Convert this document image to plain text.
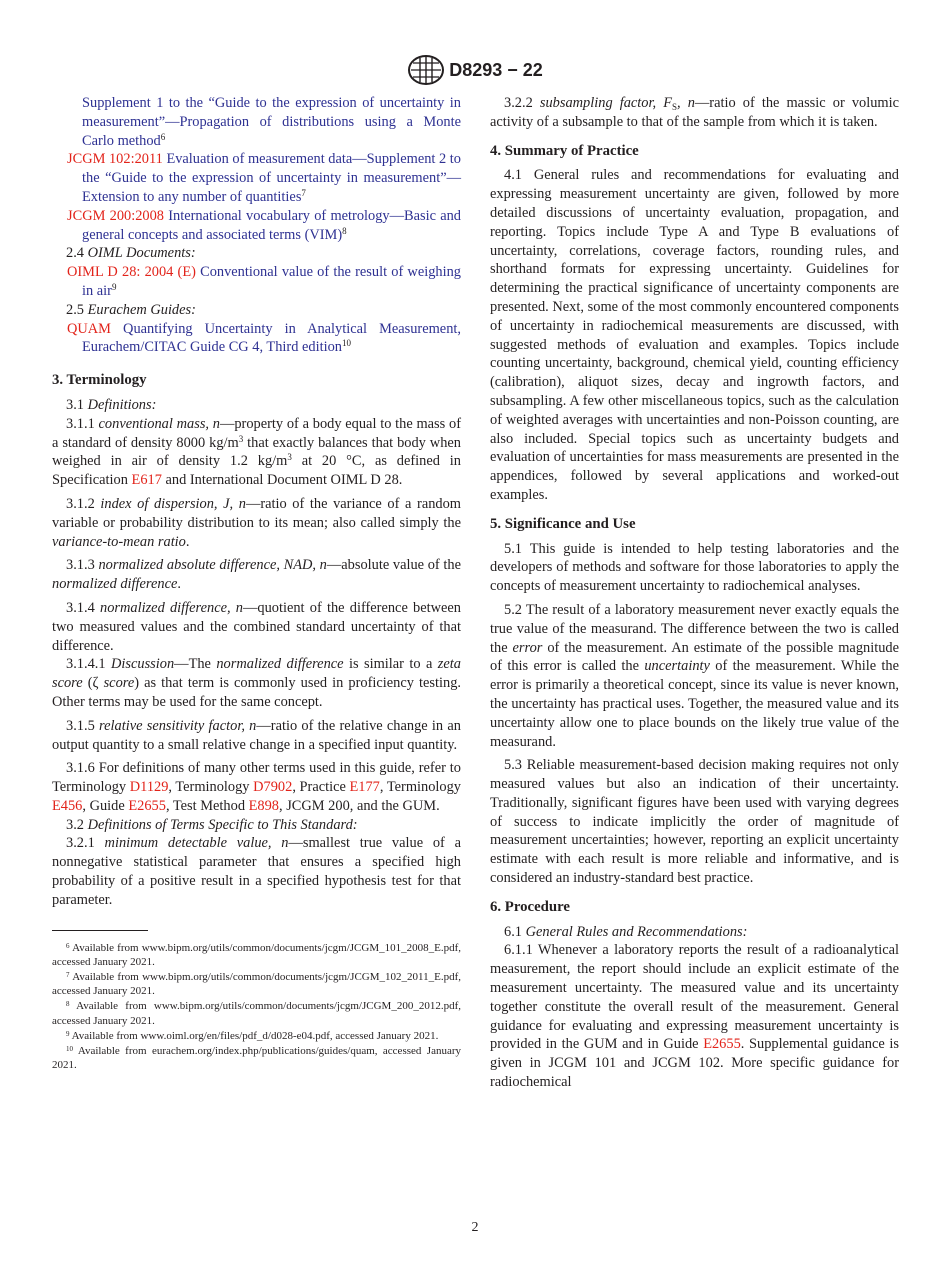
D8293 − 22

Supplement 1 to the “Guide to the expression of uncertainty in measurement”—Propagation of distributions using a Monte Carlo method$^6$

JCGM 102:2011 Evaluation of measurement data—Supplement 2 to the “Guide to the expression of uncertainty in measurement”—Extension to any number of quantities$^7$

JCGM 200:2008 International vocabulary of metrology—Basic and general concepts and associated terms (VIM)$^8$

2.4 OIML Documents:

OIML D 28: 2004 (E) Conventional value of the result of weighing in air$^9$

2.5 Eurachem Guides:

QUAM Quantifying Uncertainty in Analytical Measurement, Eurachem/CITAC Guide CG 4, Third edition$^{10}$

3. Terminology

3.1 Definitions:

3.1.1 conventional mass, n—property of a body equal to the mass of a standard of density 8000 $kg/m^3$ that exactly balances that body when weighed in air of density 1.2 $kg/m^3$ at 20 °C, as defined in Specification E617 and International Document OIML D 28.

3.1.2 index of dispersion, J, n—ratio of the variance of a random variable or probability distribution to its mean; also called simply the variance-to-mean ratio.

3.1.3 normalized absolute difference, NAD, n—absolute value of the normalized difference.

3.1.4 normalized difference, n—quotient of the difference between two measured values and the combined standard uncertainty of that difference.

3.1.4.1 Discussion—The normalized difference is similar to a zeta score (ζ score) as that term is commonly used in proficiency testing. Other terms may be used for the same concept.

3.1.5 relative sensitivity factor, n—ratio of the relative change in an output quantity to a small relative change in a specified input quantity.

3.1.6 For definitions of many other terms used in this guide, refer to Terminology D1129, Terminology D7902, Practice E177, Terminology E456, Guide E2655, Test Method E898, JCGM 200, and the GUM.

3.2 Definitions of Terms Specific to This Standard:

3.2.1 minimum detectable value, n—smallest true value of a nonnegative statistical parameter that ensures a specified high probability of a positive result in a specified hypothesis test for that parameter.

$^6$ Available from www.bipm.org/utils/common/documents/jcgm/JCGM_101_2008_E.pdf, accessed January 2021.

$^7$ Available from www.bipm.org/utils/common/documents/jcgm/JCGM_102_2011_E.pdf, accessed January 2021.

$^8$ Available from www.bipm.org/utils/common/documents/jcgm/JCGM_200_2012.pdf, accessed January 2021.

$^9$ Available from www.oiml.org/en/files/pdf_d/d028-e04.pdf, accessed January 2021.

$^{10}$ Available from eurachem.org/index.php/publications/guides/quam, accessed January 2021.

3.2.2 subsampling factor, $F_S$, n—ratio of the massic or volumic activity of a subsample to that of the sample from which it is taken.

4. Summary of Practice

4.1 General rules and recommendations for evaluating and expressing measurement uncertainty are given, followed by more detailed discussions of uncertainty evaluation, propagation, and reporting. Topics include Type A and Type B evaluations of uncertainty, correlations, coverage factors, rounding rules, and shorthand formats for expressing uncertainty. Guidelines for determining the practical significance of uncertainty components are presented. Next, some of the most commonly encountered components of uncertainty in radiochemical measurements are discussed, with suggested methods of evaluation and examples. Topics include counting uncertainty, background, chemical yield, counting efficiency (calibration), aliquot sizes, decay and ingrowth factors, and subsampling. A few other miscellaneous topics, such as the calculation of weighted averages with uncertainties and non-Poisson counting, are also included. Special topics such as uncertainty budgets and evaluation of uncertainties for mass measurements are presented in the appendices, followed by several applications and worked-out examples.

5. Significance and Use

5.1 This guide is intended to help testing laboratories and the developers of methods and software for those laboratories to apply the concepts of measurement uncertainty to radiochemical analyses.

5.2 The result of a laboratory measurement never exactly equals the true value of the measurand. The difference between the two is called the error of the measurement. An estimate of the possible magnitude of this error is called the uncertainty of the measurement. While the error is primarily a theoretical concept, since its value is never known, the uncertainty has practical uses. Together, the measured value and its uncertainty allow one to place bounds on the likely true value of the measurand.

5.3 Reliable measurement-based decision making requires not only measured values but also an indication of their uncertainty. Traditionally, significant figures have been used with varying degrees of success to indicate implicitly the order of magnitude of measurement uncertainties; however, reporting an explicit uncertainty estimate with each result is more reliable and informative, and is considered an industry-standard best practice.

6. Procedure

6.1 General Rules and Recommendations:

6.1.1 Whenever a laboratory reports the result of a radioanalytical measurement, the report should include an explicit estimate of the measurement uncertainty. The measured value and its uncertainty together constitute the overall result of the measurement. General guidance for evaluating and expressing measurement uncertainty is provided in the GUM and in Guide E2655. Supplemental guidance is given in JCGM 101 and JCGM 102. More specific guidance for radiochemical

2
